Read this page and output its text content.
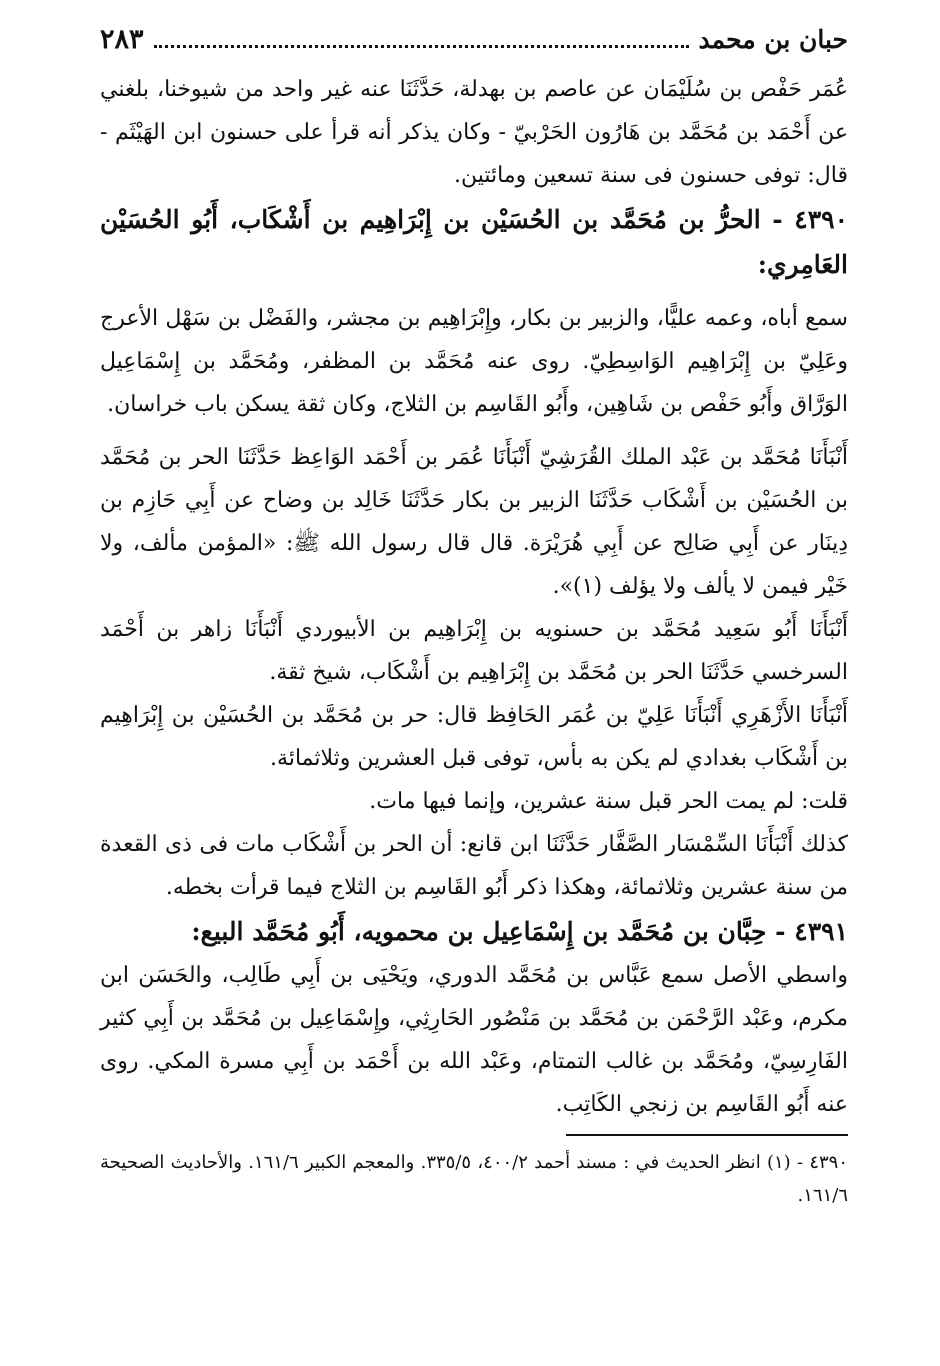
حبان بن محمد
٢٨٣

عُمَر حَفْص بن سُلَيْمَان عن عاصم بن بهدلة، حَدَّثَنَا عنه غير واحد من شيوخنا، بلغني عن أَحْمَد بن مُحَمَّد بن هَارُون الحَرْبيّ - وكان يذكر أنه قرأ على حسنون ابن الهَيْثَم - قال: توفى حسنون فى سنة تسعين ومائتين.

٤٣٩٠ - الحرُّ بن مُحَمَّد بن الحُسَيْن بن إِبْرَاهِيم بن أَشْكَاب، أَبُو الحُسَيْن العَامِري:

سمع أباه، وعمه عليًّا، والزبير بن بكار، وإِبْرَاهِيم بن مجشر، والفَضْل بن سَهْل الأعرج وعَلِيّ بن إِبْرَاهِيم الوَاسِطِيّ. روى عنه مُحَمَّد بن المظفر، ومُحَمَّد بن إِسْمَاعِيل الوَرَّاق وأَبُو حَفْص بن شَاهِين، وأَبُو القَاسِم بن الثلاج، وكان ثقة يسكن باب خراسان.

أَنْبَأَنَا مُحَمَّد بن عَبْد الملك القُرَشِيّ أَنْبَأَنَا عُمَر بن أَحْمَد الوَاعِظ حَدَّثَنَا الحر بن مُحَمَّد بن الحُسَيْن بن أَشْكَاب حَدَّثَنَا الزبير بن بكار حَدَّثَنَا خَالِد بن وضاح عن أَبِي حَازِم بن دِينَار عن أَبِي صَالِح عن أَبِي هُرَيْرَة. قال قال رسول الله ﷺ: «المؤمن مألف، ولا خَيْر فيمن لا يألف ولا يؤلف (١)».

أَنْبَأَنَا أَبُو سَعِيد مُحَمَّد بن حسنويه بن إِبْرَاهِيم بن الأبيوردي أَنْبَأَنَا زاهر بن أَحْمَد السرخسي حَدَّثَنَا الحر بن مُحَمَّد بن إِبْرَاهِيم بن أَشْكَاب، شيخ ثقة.

أَنْبَأَنَا الأَزْهَرِي أَنْبَأَنَا عَلِيّ بن عُمَر الحَافِظ قال: حر بن مُحَمَّد بن الحُسَيْن بن إِبْرَاهِيم بن أَشْكَاب بغدادي لم يكن به بأس، توفى قبل العشرين وثلاثمائة.

قلت: لم يمت الحر قبل سنة عشرين، وإنما فيها مات.

كذلك أَنْبَأَنَا السِّمْسَار الصَّفَّار حَدَّثَنَا ابن قانع: أن الحر بن أَشْكَاب مات فى ذى القعدة من سنة عشرين وثلاثمائة، وهكذا ذكر أَبُو القَاسِم بن الثلاج فيما قرأت بخطه.

٤٣٩١ - حِبَّان بن مُحَمَّد بن إِسْمَاعِيل بن محمويه، أَبُو مُحَمَّد البيع:

واسطي الأصل سمع عَبَّاس بن مُحَمَّد الدوري، ويَحْيَى بن أَبِي طَالِب، والحَسَن ابن مكرم، وعَبْد الرَّحْمَن بن مُحَمَّد بن مَنْصُور الحَارِثِي، وإِسْمَاعِيل بن مُحَمَّد بن أَبِي كثير الفَارِسِيّ، ومُحَمَّد بن غالب التمتام، وعَبْد الله بن أَحْمَد بن أَبِي مسرة المكي. روى عنه أَبُو القَاسِم بن زنجي الكَاتِب.

٤٣٩٠ - (١) انظر الحديث في : مسند أحمد ٤٠٠/٢، ٣٣٥/٥. والمعجم الكبير ١٦١/٦. والأحاديث الصحيحة ١٦١/٦.
